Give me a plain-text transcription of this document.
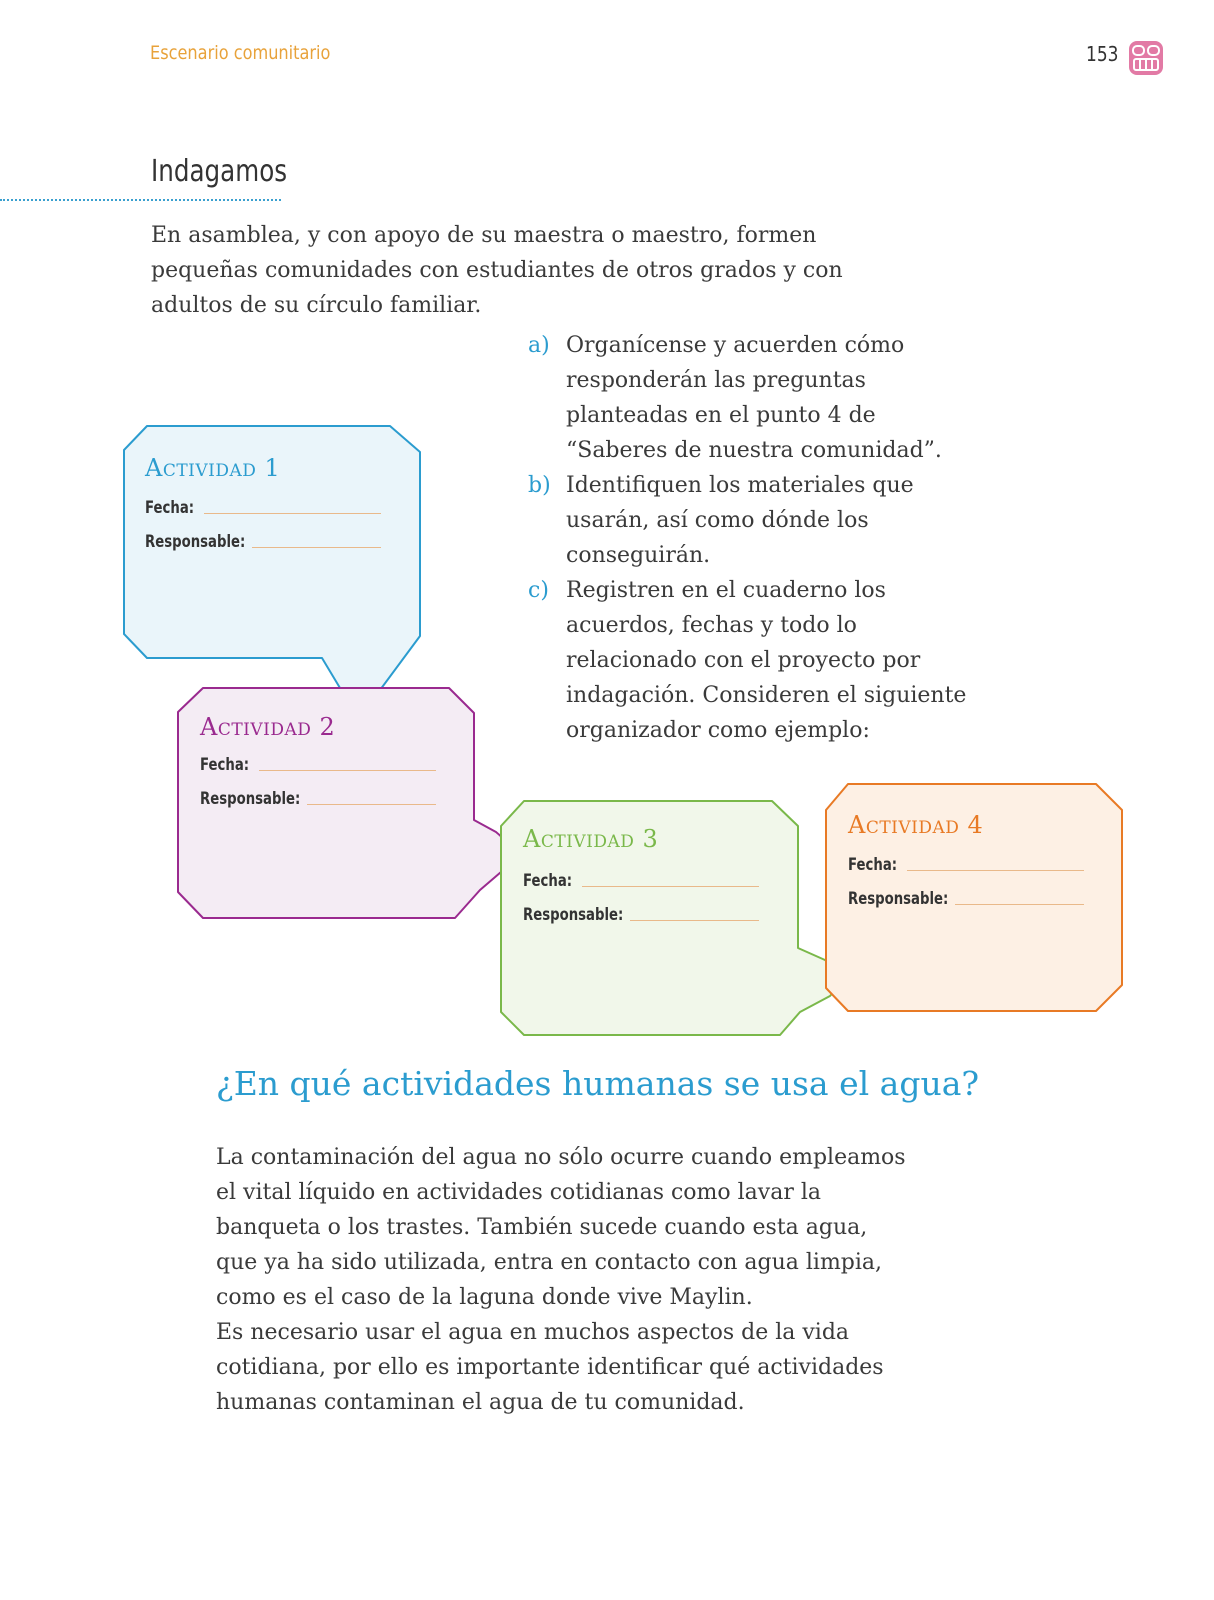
Escenario comunitario	153
Indagamos

En asamblea, y con apoyo de su maestra o maestro, formen
pequeñas comunidades con estudiantes de otros grados y con
adultos de su círculo familiar.

a) Organícense y acuerden cómo
responderán las preguntas
planteadas en el punto 4 de
“Saberes de nuestra comunidad”.
b) Identifiquen los materiales que
usarán, así como dónde los
conseguirán.
c) Registren en el cuaderno los
acuerdos, fechas y todo lo
relacionado con el proyecto por
indagación. Consideren el siguiente
organizador como ejemplo:
Actividad 1
Fecha:
Responsable:
Actividad 2
Fecha:
Responsable:
Actividad 3
Fecha:
Responsable:
Actividad 4
Fecha:
Responsable:
¿En qué actividades humanas se usa el agua?

La contaminación del agua no sólo ocurre cuando empleamos
el vital líquido en actividades cotidianas como lavar la
banqueta o los trastes. También sucede cuando esta agua,
que ya ha sido utilizada, entra en contacto con agua limpia,
como es el caso de la laguna donde vive Maylin.
Es necesario usar el agua en muchos aspectos de la vida
cotidiana, por ello es importante identificar qué actividades
humanas contaminan el agua de tu comunidad.
